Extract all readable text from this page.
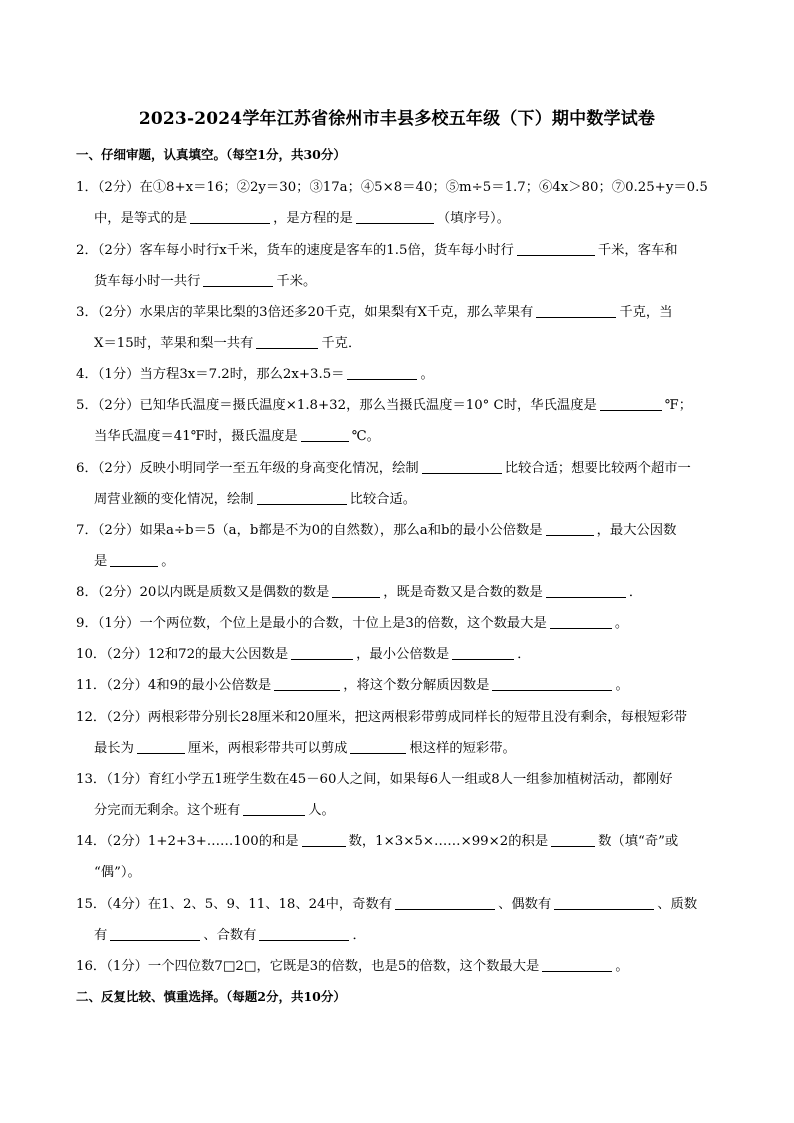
2023-2024学年江苏省徐州市丰县多校五年级（下）期中数学试卷
一、仔细审题，认真填空。（每空1分，共30分）
1．（2分）在①8+x＝16；②2y＝30；③17a；④5×8＝40；⑤m÷5＝1.7；⑥4x＞80；⑦0.25+y＝0.5
中，是等式的是	，是方程的是	（填序号）。
2．（2分）客车每小时行x千米，货车的速度是客车的1.5倍，货车每小时行	千米，客车和
货车每小时一共行	千米。
3．（2分）水果店的苹果比梨的3倍还多20千克，如果梨有X千克，那么苹果有	千克，当
X＝15时，苹果和梨一共有	千克．
4．（1分）当方程3x＝7.2时，那么2x+3.5＝	。
5．（2分）已知华氏温度＝摄氏温度×1.8+32，那么当摄氏温度＝10° C时，华氏温度是	℉；
当华氏温度＝41℉时，摄氏温度是	℃。
6．（2分）反映小明同学一至五年级的身高变化情况，绘制	比较合适；想要比较两个超市一
周营业额的变化情况，绘制	比较合适。
7．（2分）如果a÷b＝5（a，b都是不为0的自然数），那么a和b的最小公倍数是	，最大公因数
是	。
8．（2分）20以内既是质数又是偶数的数是	，既是奇数又是合数的数是	．
9．（1分）一个两位数，个位上是最小的合数，十位上是3的倍数，这个数最大是	。
10．（2分）12和72的最大公因数是	，最小公倍数是	．
11．（2分）4和9的最小公倍数是	，将这个数分解质因数是	。
12．（2分）两根彩带分别长28厘米和20厘米，把这两根彩带剪成同样长的短带且没有剩余，每根短彩带
最长为	厘米，两根彩带共可以剪成	根这样的短彩带。
13．（1分）育红小学五1班学生数在45－60人之间，如果每6人一组或8人一组参加植树活动，都刚好
分完而无剩余。这个班有	人。
14．（2分）1+2+3+……100的和是	数，1×3×5×……×99×2的积是	数（填“奇”或
“偶”）。
15．（4分）在1、2、5、9、11、18、24中，奇数有	、偶数有	、质数
有	、合数有	．
16．（1分）一个四位数7□2□，它既是3的倍数，也是5的倍数，这个数最大是	。
二、反复比较、慎重选择。（每题2分，共10分）
